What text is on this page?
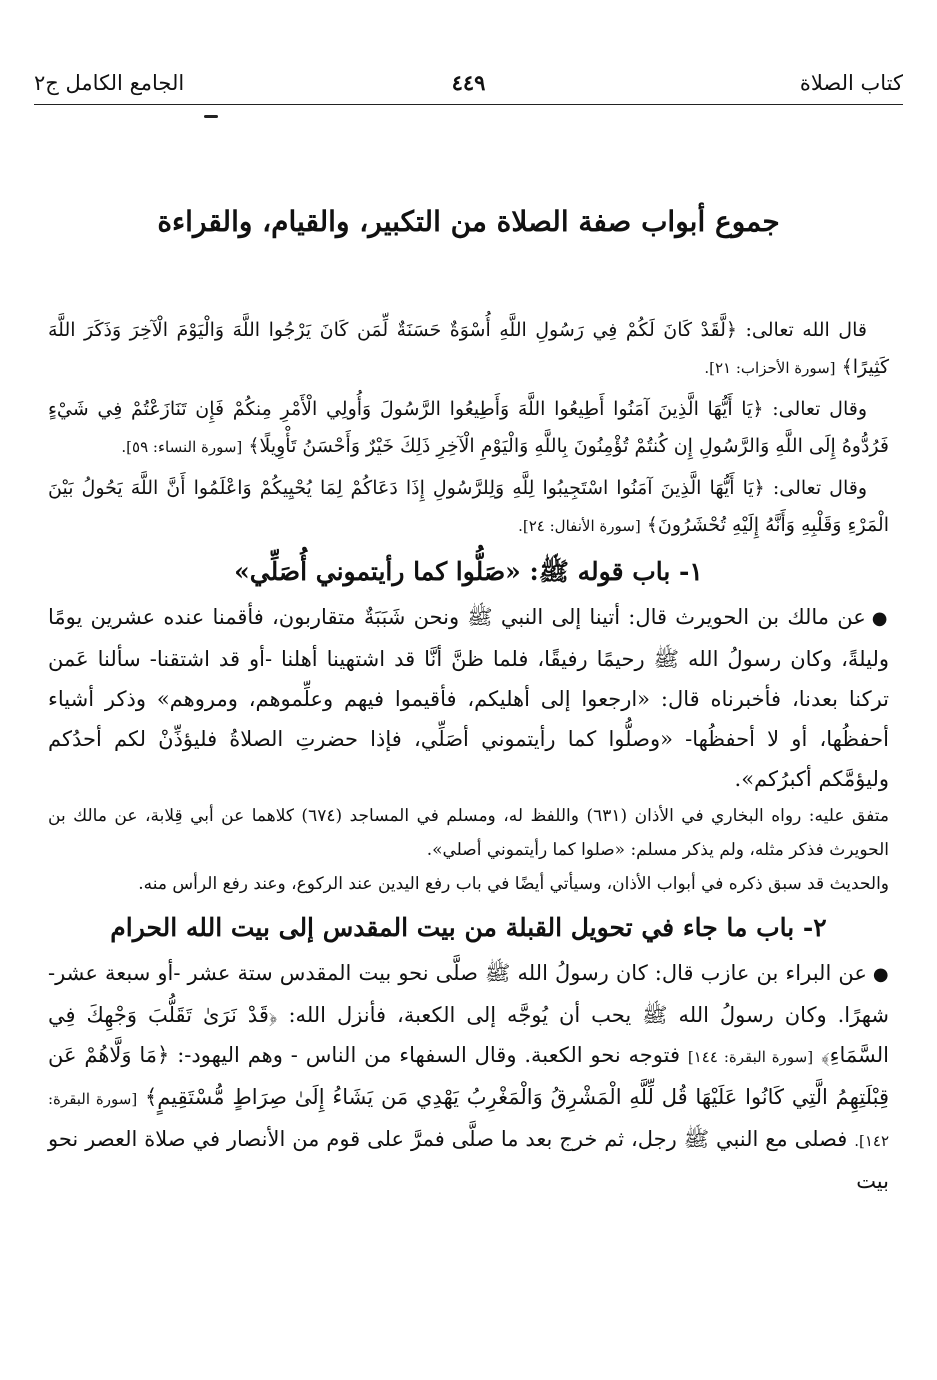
كتاب الصلاة
٤٤٩
الجامع الكامل ج٢
جموع أبواب صفة الصلاة من التكبير، والقيام، والقراءة

قال الله تعالى: ﴿لَّقَدْ كَانَ لَكُمْ فِي رَسُولِ اللَّهِ أُسْوَةٌ حَسَنَةٌ لِّمَن كَانَ يَرْجُوا اللَّهَ وَالْيَوْمَ الْآخِرَ وَذَكَرَ اللَّهَ كَثِيرًا﴾ [سورة الأحزاب: ٢١].

وقال تعالى: ﴿يَا أَيُّهَا الَّذِينَ آمَنُوا أَطِيعُوا اللَّهَ وَأَطِيعُوا الرَّسُولَ وَأُولِي الْأَمْرِ مِنكُمْ فَإِن تَنَازَعْتُمْ فِي شَيْءٍ فَرُدُّوهُ إِلَى اللَّهِ وَالرَّسُولِ إِن كُنتُمْ تُؤْمِنُونَ بِاللَّهِ وَالْيَوْمِ الْآخِرِ ذَلِكَ خَيْرٌ وَأَحْسَنُ تَأْوِيلًا﴾ [سورة النساء: ٥٩].

وقال تعالى: ﴿يَا أَيُّهَا الَّذِينَ آمَنُوا اسْتَجِيبُوا لِلَّهِ وَلِلرَّسُولِ إِذَا دَعَاكُمْ لِمَا يُحْيِيكُمْ وَاعْلَمُوا أَنَّ اللَّهَ يَحُولُ بَيْنَ الْمَرْءِ وَقَلْبِهِ وَأَنَّهُ إِلَيْهِ تُحْشَرُونَ﴾ [سورة الأنفال: ٢٤].

١- باب قوله ﷺ: «صَلُّوا كما رأيتموني أُصَلِّي»

●عن مالك بن الحويرث قال: أتينا إلى النبي ﷺ ونحن شَبَبَةٌ متقاربون، فأقمنا عنده عشرين يومًا وليلةً، وكان رسولُ الله ﷺ رحيمًا رفيقًا، فلما ظنَّ أنَّا قد اشتهينا أهلنا -أو قد اشتقنا- سألنا عَمن تركنا بعدنا، فأخبرناه قال: «ارجعوا إلى أهليكم، فأقيموا فيهم وعلِّموهم، ومروهم» وذكر أشياء أحفظُها، أو لا أحفظُها- «وصلُّوا كما رأيتموني أصَلِّي، فإذا حضرتِ الصلاةُ فليؤذِّنْ لكم أحدُكم وليؤمَّكم أكبرُكم».

متفق عليه: رواه البخاري في الأذان (٦٣١) واللفظ له، ومسلم في المساجد (٦٧٤) كلاهما عن أبي قِلابة، عن مالك بن الحويرث فذكر مثله، ولم يذكر مسلم: «صلوا كما رأيتموني أصلي».

والحديث قد سبق ذكره في أبواب الأذان، وسيأتي أيضًا في باب رفع اليدين عند الركوع، وعند رفع الرأس منه.

٢- باب ما جاء في تحويل القبلة من بيت المقدس إلى بيت الله الحرام

●عن البراء بن عازب قال: كان رسولُ الله ﷺ صلَّى نحو بيت المقدس ستة عشر -أو سبعة عشر- شهرًا. وكان رسولُ الله ﷺ يحب أن يُوجَّه إلى الكعبة، فأنزل الله: ﴿قَدْ نَرَىٰ تَقَلُّبَ وَجْهِكَ فِي السَّمَاءِ﴾ [سورة البقرة: ١٤٤] فتوجه نحو الكعبة. وقال السفهاء من الناس - وهم اليهود-: ﴿مَا وَلَّاهُمْ عَن قِبْلَتِهِمُ الَّتِي كَانُوا عَلَيْهَا قُل لِّلَّهِ الْمَشْرِقُ وَالْمَغْرِبُ يَهْدِي مَن يَشَاءُ إِلَىٰ صِرَاطٍ مُّسْتَقِيمٍ﴾ [سورة البقرة: ١٤٢]. فصلى مع النبي ﷺ رجل، ثم خرج بعد ما صلَّى فمرَّ على قوم من الأنصار في صلاة العصر نحو بيت
